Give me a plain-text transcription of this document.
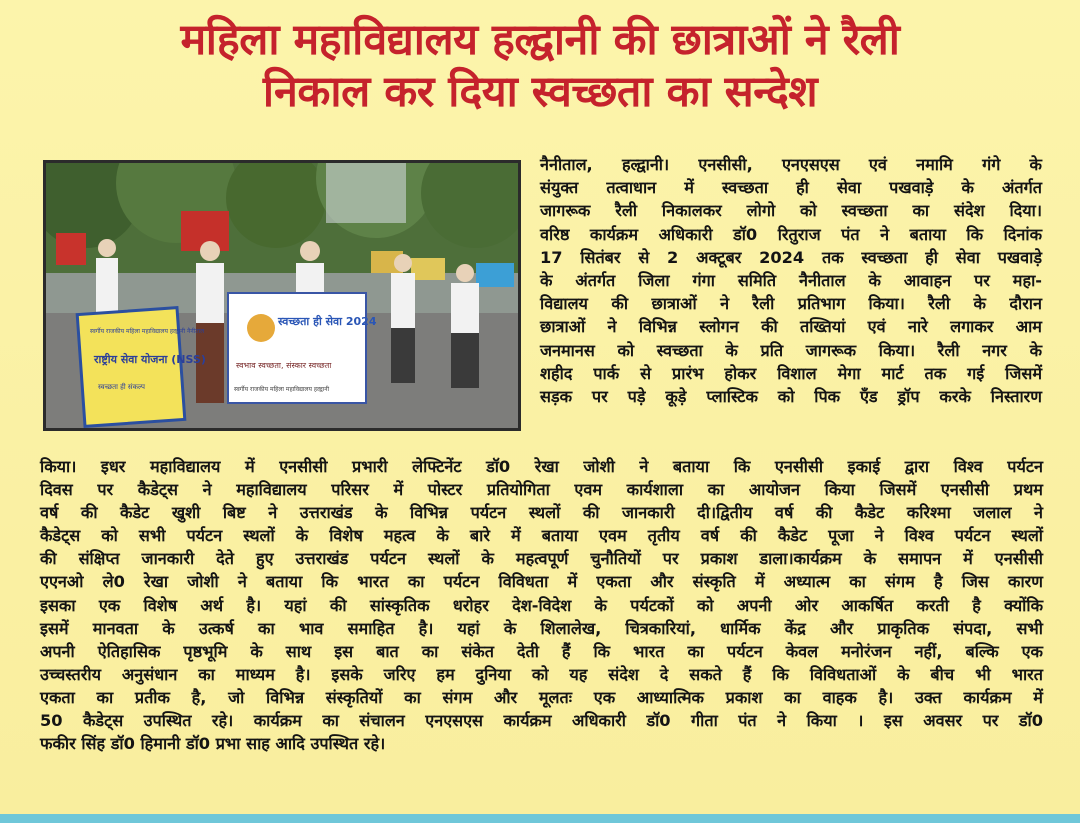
महिला महाविद्यालय हल्द्वानी की छात्राओं ने रैली
निकाल कर दिया स्वच्छता का सन्देश
राष्ट्रीय सेवा योजना (NSS)
स्वर्गीय राजकीय महिला महाविद्यालय हल्द्वानी नैनीताल
स्वच्छता ही संकल्प
स्वच्छता ही सेवा 2024
स्वभाव स्वच्छता, संस्कार स्वच्छता
स्वर्गीय राजकीय महिला महाविद्यालय हल्द्वानी
नैनीताल, हल्द्वानी। एनसीसी, एनएसएस एवं नमामि गंगे के
संयुक्त तत्वाधान में स्वच्छता ही सेवा पखवाड़े के अंतर्गत
जागरूक रैली निकालकर लोगो को स्वच्छता का संदेश दिया।
वरिष्ठ कार्यक्रम अधिकारी डॉ0 रितुराज पंत ने बताया कि दिनांक
17 सितंबर से 2 अक्टूबर 2024 तक स्वच्छता ही सेवा पखवाड़े
के अंतर्गत जिला गंगा समिति नैनीताल के आवाहन पर महा-
विद्यालय की छात्राओं ने रैली प्रतिभाग किया। रैली के दौरान
छात्राओं ने विभिन्न स्लोगन की तख्तियां एवं नारे लगाकर आम
जनमानस को स्वच्छता के प्रति जागरूक किया। रैली नगर के
शहीद पार्क से प्रारंभ होकर विशाल मेगा मार्ट तक गई जिसमें
सड़क पर पड़े कूड़े प्लास्टिक को पिक ऍंड ड्रॉप करके निस्तारण
किया। इधर महाविद्यालय में एनसीसी प्रभारी लेफ्टिनेंट डॉ0 रेखा जोशी ने बताया कि एनसीसी इकाई द्वारा विश्व पर्यटन
दिवस पर कैडेट्स ने महाविद्यालय परिसर में पोस्टर प्रतियोगिता एवम कार्यशाला का आयोजन किया जिसमें एनसीसी प्रथम
वर्ष की कैडेट खुशी बिष्ट ने उत्तराखंड के विभिन्न पर्यटन स्थलों की जानकारी दी।द्वितीय वर्ष की कैडेट करिश्मा जलाल ने
कैडेट्स को सभी पर्यटन स्थलों के विशेष महत्व के बारे में बताया एवम तृतीय वर्ष की कैडेट पूजा ने विश्व पर्यटन स्थलों
की संक्षिप्त जानकारी देते हुए उत्तराखंड पर्यटन स्थलों के महत्वपूर्ण चुनौतियों पर प्रकाश डाला।कार्यक्रम के समापन में एनसीसी
एएनओ ले0 रेखा जोशी ने बताया कि भारत का पर्यटन विविधता में एकता और संस्कृति में अध्यात्म का संगम है जिस कारण
इसका एक विशेष अर्थ है। यहां की सांस्कृतिक धरोहर देश-विदेश के पर्यटकों को अपनी ओर आकर्षित करती है क्योंकि
इसमें मानवता के उत्कर्ष का भाव समाहित है। यहां के शिलालेख, चित्रकारियां, धार्मिक केंद्र और प्राकृतिक संपदा, सभी
अपनी ऐतिहासिक पृष्ठभूमि के साथ इस बात का संकेत देती हैं कि भारत का पर्यटन केवल मनोरंजन नहीं, बल्कि एक
उच्चस्तरीय अनुसंधान का माध्यम है। इसके जरिए हम दुनिया को यह संदेश दे सकते हैं कि विविधताओं के बीच भी भारत
एकता का प्रतीक है, जो विभिन्न संस्कृतियों का संगम और मूलतः एक आध्यात्मिक प्रकाश का वाहक है। उक्त कार्यक्रम में
50 कैडेट्स उपस्थित रहे। कार्यक्रम का संचालन एनएसएस कार्यक्रम अधिकारी डॉ0 गीता पंत ने किया । इस अवसर पर डॉ0
फकीर सिंह डॉ0 हिमानी डॉ0 प्रभा साह आदि उपस्थित रहे।
